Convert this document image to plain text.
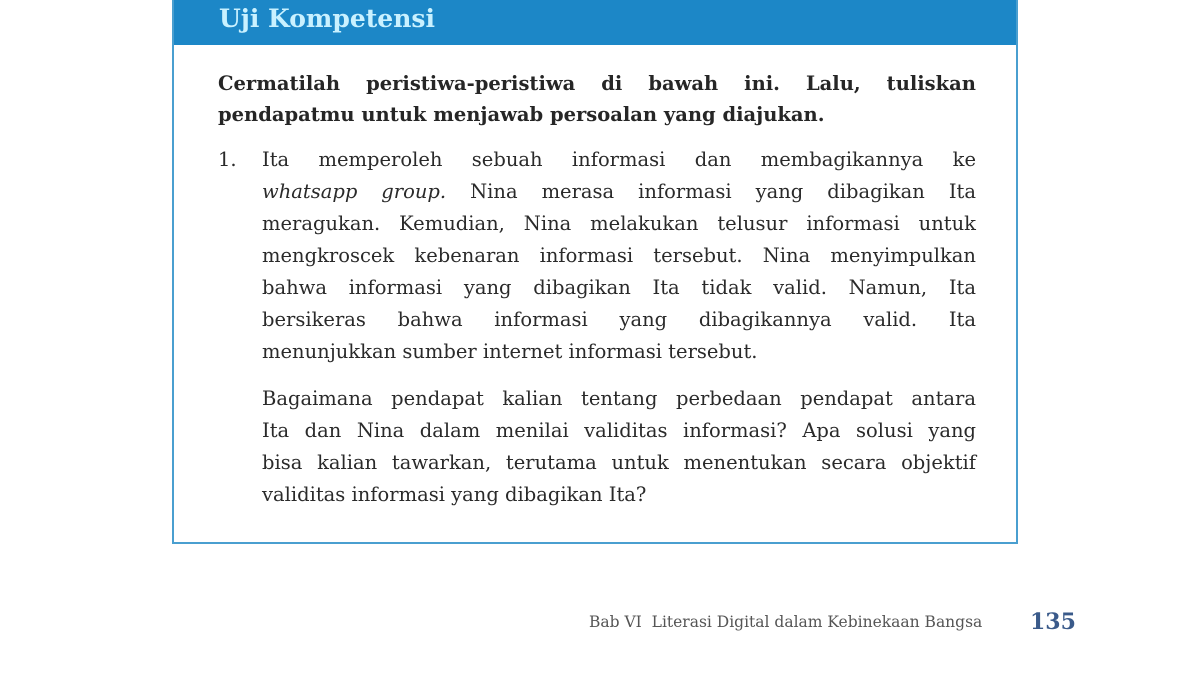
Uji Kompetensi
Cermatilah peristiwa-peristiwa di bawah ini. Lalu, tuliskan
pendapatmu untuk menjawab persoalan yang diajukan.
1. Ita memperoleh sebuah informasi dan membagikannya ke
whatsapp group. Nina merasa informasi yang dibagikan Ita
meragukan. Kemudian, Nina melakukan telusur informasi untuk
mengkroscek kebenaran informasi tersebut. Nina menyimpulkan
bahwa informasi yang dibagikan Ita tidak valid. Namun, Ita
bersikeras bahwa informasi yang dibagikannya valid. Ita
menunjukkan sumber internet informasi tersebut.
Bagaimana pendapat kalian tentang perbedaan pendapat antara
Ita dan Nina dalam menilai validitas informasi? Apa solusi yang
bisa kalian tawarkan, terutama untuk menentukan secara objektif
validitas informasi yang dibagikan Ita?
Bab VI  Literasi Digital dalam Kebinekaan Bangsa 135
